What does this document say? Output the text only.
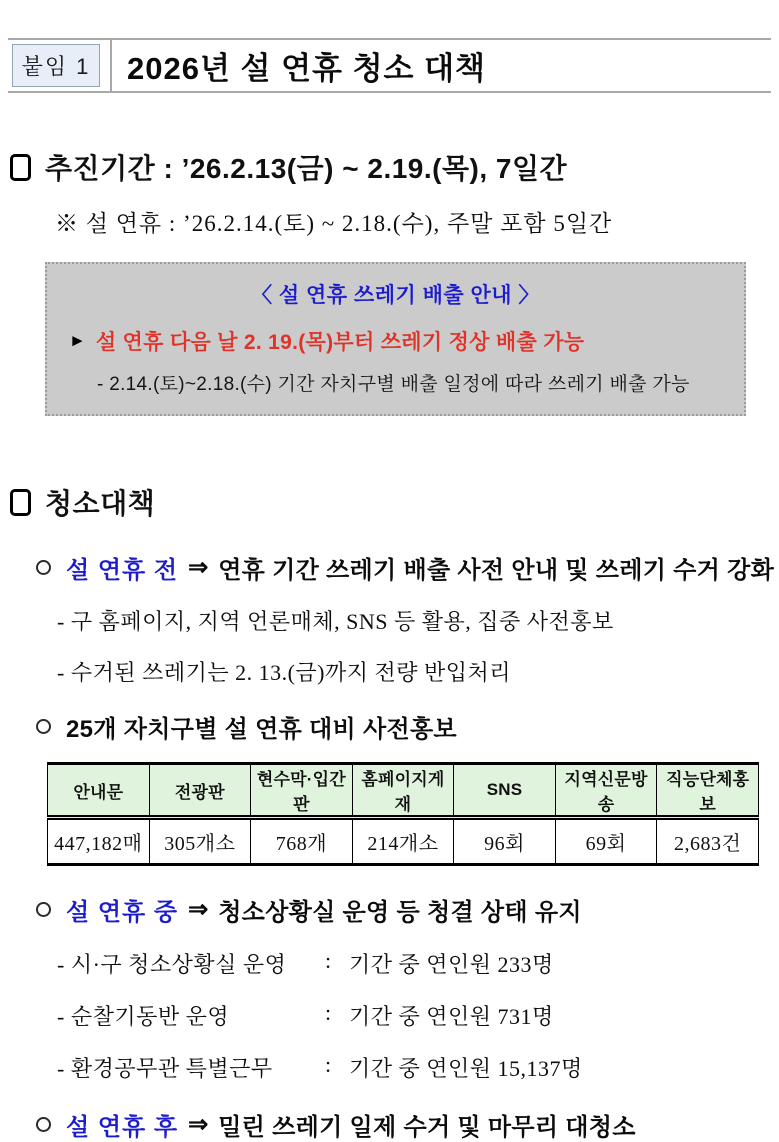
붙임 1 2026년 설 연휴 청소 대책
추진기간 : ’26.2.13(금) ~ 2.19.(목), 7일간
※ 설 연휴 : ’26.2.14.(토) ~ 2.18.(수), 주말 포함 5일간
〈 설 연휴 쓰레기 배출 안내 〉
► 설 연휴 다음 날 2. 19.(목)부터 쓰레기 정상 배출 가능
- 2.14.(토)~2.18.(수) 기간 자치구별 배출 일정에 따라 쓰레기 배출 가능
청소대책
설 연휴 전 ⇒ 연휴 기간 쓰레기 배출 사전 안내 및 쓰레기 수거 강화
- 구 홈페이지, 지역 언론매체, SNS 등 활용, 집중 사전홍보
- 수거된 쓰레기는 2. 13.(금)까지 전량 반입처리
25개 자치구별 설 연휴 대비 사전홍보
안내문	전광판	현수막·입간판	홈페이지게재	SNS	지역신문방송	직능단체홍보
447,182매	305개소	768개	214개소	96회	69회	2,683건
설 연휴 중 ⇒ 청소상황실 운영 등 청결 상태 유지
- 시·구 청소상황실 운영	: 기간 중 연인원 233명
- 순찰기동반 운영	: 기간 중 연인원 731명
- 환경공무관 특별근무	: 기간 중 연인원 15,137명
설 연휴 후 ⇒ 밀린 쓰레기 일제 수거 및 마무리 대청소
